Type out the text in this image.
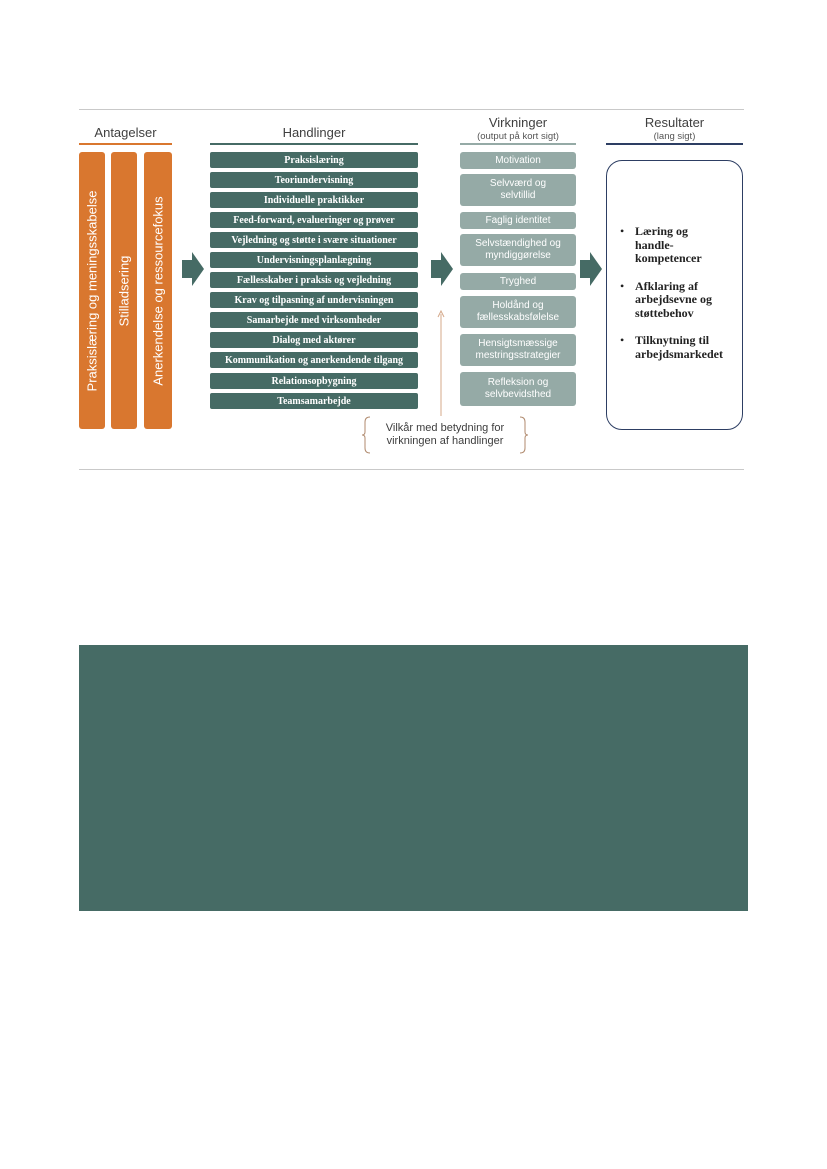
Antagelser	Handlinger
Virkninger
(output på kort sigt)
Resultater
(lang sigt)
Praksislæring og meningsskabelse Stilladsering Anerkendelse og ressourcefokus
Praksislæring
Teoriundervisning
Individuelle praktikker
Feed-forward, evalueringer og prøver
Vejledning og støtte i svære situationer
Undervisningsplanlægning
Fællesskaber i praksis og vejledning
Krav og tilpasning af undervisningen
Samarbejde med virksomheder
Dialog med aktører
Kommunikation og anerkendende tilgang
Relationsopbygning
Teamsamarbejde
Motivation
Selvværd og
selvtillid
Faglig identitet
Selvstændighed og
myndiggørelse
Tryghed
Holdånd og
fællesskabsfølelse
Hensigtsmæssige
mestringsstrategier
Refleksion og
selvbevidsthed
Vilkår med betydning for
virkningen af handlinger
• Læring og
handle-
kompetencer
• Afklaring af
arbejdsevne og
støttebehov
• Tilknytning til
arbejdsmarkedet
